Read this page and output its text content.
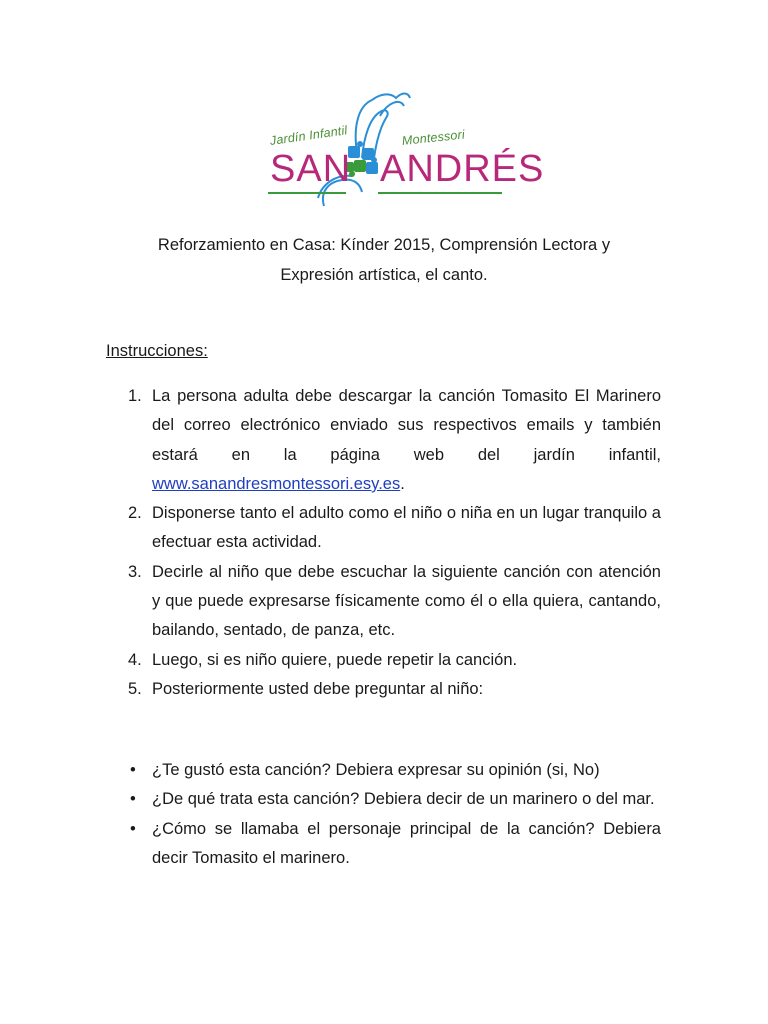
Jardín Infantil	Montessori
SAN ANDRÉS
Reforzamiento en Casa: Kínder 2015, Comprensión Lectora y
Expresión artística, el canto.
Instrucciones:
1. La persona adulta debe descargar la canción Tomasito El Marinero del correo electrónico enviado sus respectivos emails y también estará en la página web del jardín infantil, www.sanandresmontessori.esy.es.
2. Disponerse tanto el adulto como el niño o niña en un lugar tranquilo a efectuar esta actividad.
3. Decirle al niño que debe escuchar la siguiente canción con atención y que puede expresarse físicamente como él o ella quiera, cantando, bailando, sentado, de panza, etc.
4. Luego, si es niño quiere, puede repetir la canción.
5. Posteriormente usted debe preguntar al niño:
• ¿Te gustó esta canción? Debiera expresar su opinión (si, No)
• ¿De qué trata esta canción? Debiera decir de un marinero o del mar.
• ¿Cómo se llamaba el personaje principal de la canción? Debiera decir Tomasito el marinero.
